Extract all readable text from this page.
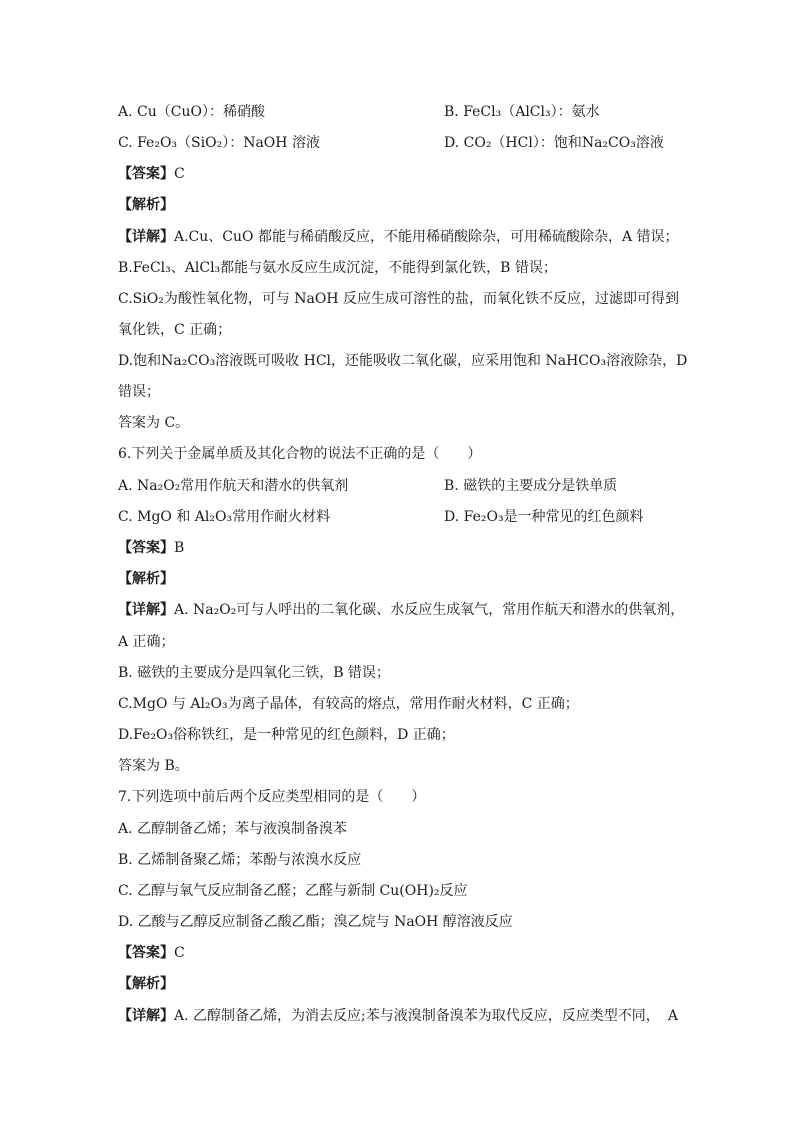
A. Cu（CuO）：稀硝酸	B. FeCl₃（AlCl₃）：氨水
C. Fe₂O₃（SiO₂）：NaOH 溶液	D. CO₂（HCl）：饱和Na₂CO₃溶液
【答案】C
【解析】
【详解】A.Cu、CuO 都能与稀硝酸反应，不能用稀硝酸除杂，可用稀硫酸除杂，A 错误；
B.FeCl₃、AlCl₃都能与氨水反应生成沉淀，不能得到氯化铁，B 错误；
C.SiO₂为酸性氧化物，可与 NaOH 反应生成可溶性的盐，而氧化铁不反应，过滤即可得到
氧化铁，C 正确；
D.饱和Na₂CO₃溶液既可吸收 HCl，还能吸收二氧化碳，应采用饱和 NaHCO₃溶液除杂，D
错误；
答案为 C。
6.下列关于金属单质及其化合物的说法不正确的是（　　）
A. Na₂O₂常用作航天和潜水的供氧剂	B. 磁铁的主要成分是铁单质
C. MgO 和 Al₂O₃常用作耐火材料	D. Fe₂O₃是一种常见的红色颜料
【答案】B
【解析】
【详解】A. Na₂O₂可与人呼出的二氧化碳、水反应生成氧气，常用作航天和潜水的供氧剂，
A 正确；
B. 磁铁的主要成分是四氧化三铁，B 错误；
C.MgO 与 Al₂O₃为离子晶体，有较高的熔点，常用作耐火材料，C 正确；
D.Fe₂O₃俗称铁红，是一种常见的红色颜料，D 正确；
答案为 B。
7.下列选项中前后两个反应类型相同的是（　　）
A. 乙醇制备乙烯；苯与液溴制备溴苯
B. 乙烯制备聚乙烯；苯酚与浓溴水反应
C. 乙醇与氧气反应制备乙醛；乙醛与新制 Cu(OH)₂反应
D. 乙酸与乙醇反应制备乙酸乙酯；溴乙烷与 NaOH 醇溶液反应
【答案】C
【解析】
【详解】A. 乙醇制备乙烯，为消去反应;苯与液溴制备溴苯为取代反应，反应类型不同， A
